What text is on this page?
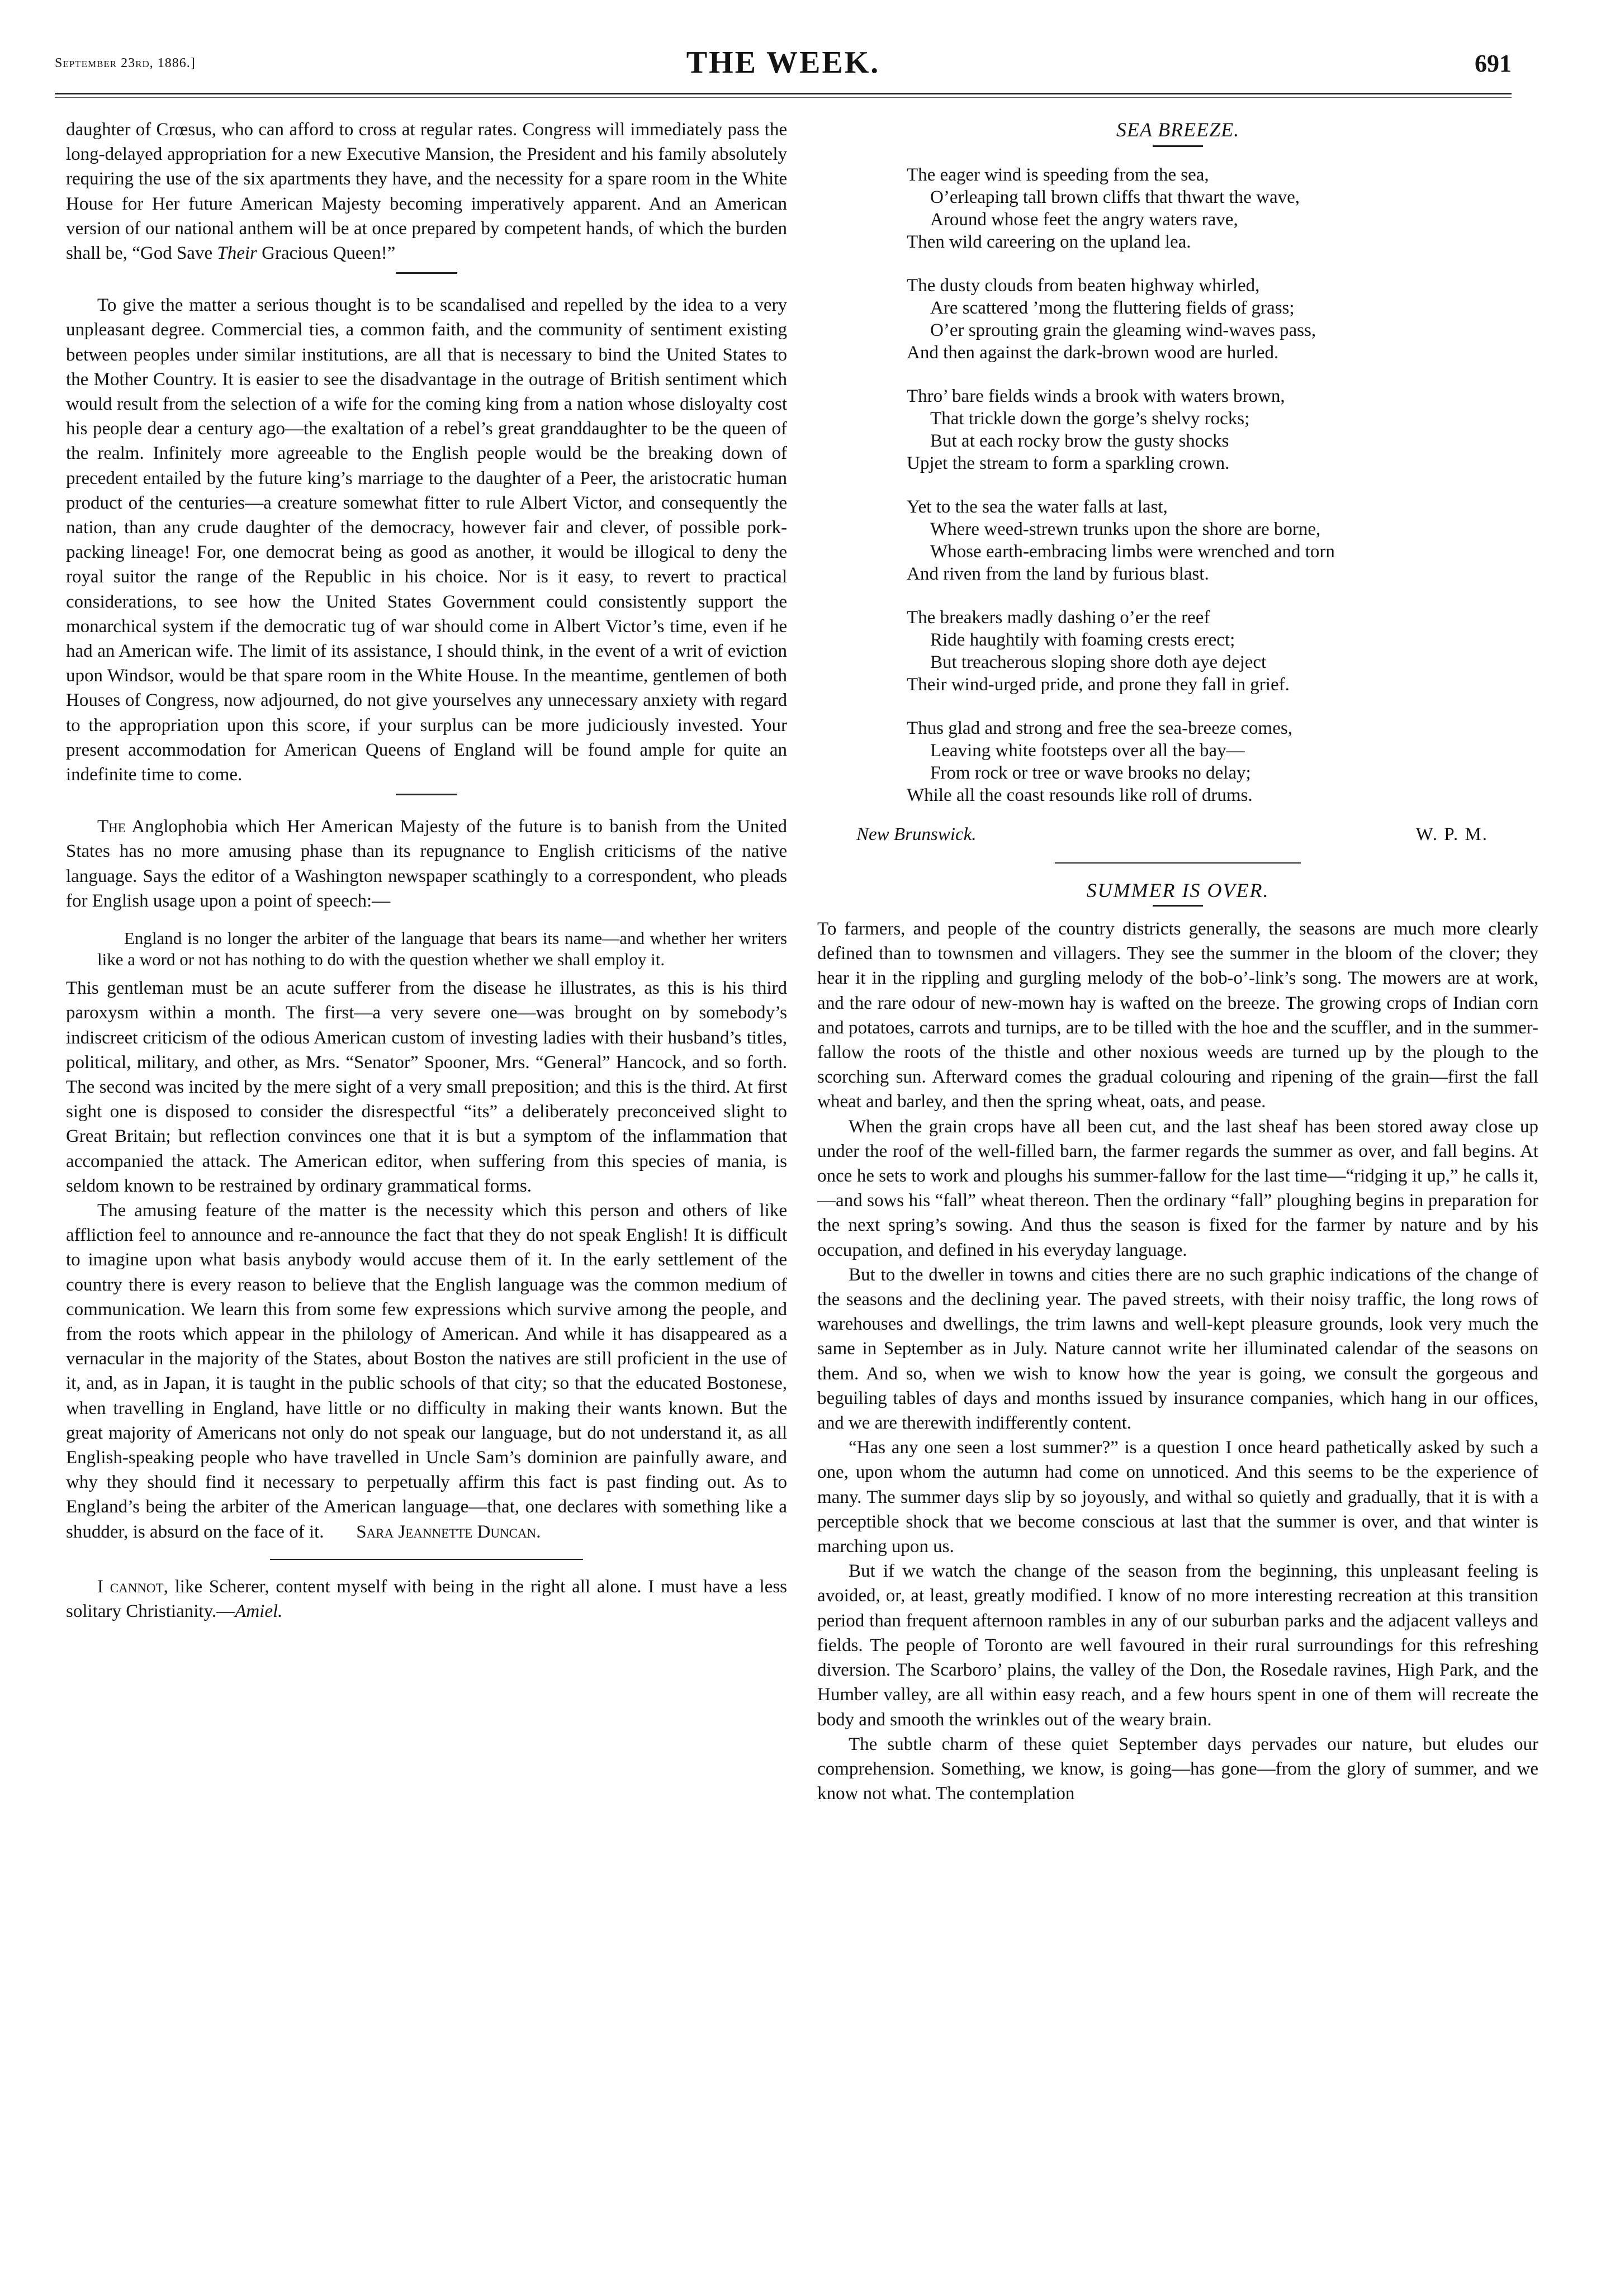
September 23rd, 1886.]	THE WEEK.	691

daughter of Crœsus, who can afford to cross at regular rates. Congress will immediately pass the long-delayed appropriation for a new Executive Mansion, the President and his family absolutely requiring the use of the six apartments they have, and the necessity for a spare room in the White House for Her future American Majesty becoming imperatively apparent. And an American version of our national anthem will be at once prepared by competent hands, of which the burden shall be, “God Save Their Gracious Queen!”

To give the matter a serious thought is to be scandalised and repelled by the idea to a very unpleasant degree. Commercial ties, a common faith, and the community of sentiment existing between peoples under similar institutions, are all that is necessary to bind the United States to the Mother Country. It is easier to see the disadvantage in the outrage of British sentiment which would result from the selection of a wife for the coming king from a nation whose disloyalty cost his people dear a century ago—the exaltation of a rebel’s great granddaughter to be the queen of the realm. Infinitely more agreeable to the English people would be the breaking down of precedent entailed by the future king’s marriage to the daughter of a Peer, the aristocratic human product of the centuries—a creature somewhat fitter to rule Albert Victor, and consequently the nation, than any crude daughter of the democracy, however fair and clever, of possible pork-packing lineage! For, one democrat being as good as another, it would be illogical to deny the royal suitor the range of the Republic in his choice. Nor is it easy, to revert to practical considerations, to see how the United States Government could consistently support the monarchical system if the democratic tug of war should come in Albert Victor’s time, even if he had an American wife. The limit of its assistance, I should think, in the event of a writ of eviction upon Windsor, would be that spare room in the White House. In the meantime, gentlemen of both Houses of Congress, now adjourned, do not give yourselves any unnecessary anxiety with regard to the appropriation upon this score, if your surplus can be more judiciously invested. Your present accommodation for American Queens of England will be found ample for quite an indefinite time to come.

The Anglophobia which Her American Majesty of the future is to banish from the United States has no more amusing phase than its repugnance to English criticisms of the native language. Says the editor of a Washington newspaper scathingly to a correspondent, who pleads for English usage upon a point of speech:—

England is no longer the arbiter of the language that bears its name—and whether her writers like a word or not has nothing to do with the question whether we shall employ it.

This gentleman must be an acute sufferer from the disease he illustrates, as this is his third paroxysm within a month. The first—a very severe one—was brought on by somebody’s indiscreet criticism of the odious American custom of investing ladies with their husband’s titles, political, military, and other, as Mrs. “Senator” Spooner, Mrs. “General” Hancock, and so forth. The second was incited by the mere sight of a very small preposition; and this is the third. At first sight one is disposed to consider the disrespectful “its” a deliberately preconceived slight to Great Britain; but reflection convinces one that it is but a symptom of the inflammation that accompanied the attack. The American editor, when suffering from this species of mania, is seldom known to be restrained by ordinary grammatical forms.

The amusing feature of the matter is the necessity which this person and others of like affliction feel to announce and re-announce the fact that they do not speak English! It is difficult to imagine upon what basis anybody would accuse them of it. In the early settlement of the country there is every reason to believe that the English language was the common medium of communication. We learn this from some few expressions which survive among the people, and from the roots which appear in the philology of American. And while it has disappeared as a vernacular in the majority of the States, about Boston the natives are still proficient in the use of it, and, as in Japan, it is taught in the public schools of that city; so that the educated Bostonese, when travelling in England, have little or no difficulty in making their wants known. But the great majority of Americans not only do not speak our language, but do not understand it, as all English-speaking people who have travelled in Uncle Sam’s dominion are painfully aware, and why they should find it necessary to perpetually affirm this fact is past finding out. As to England’s being the arbiter of the American language—that, one declares with something like a shudder, is absurd on the face of it. Sara Jeannette Duncan.

I cannot, like Scherer, content myself with being in the right all alone. I must have a less solitary Christianity.—Amiel.

SEA BREEZE.
The eager wind is speeding from the sea,
O’erleaping tall brown cliffs that thwart the wave,
Around whose feet the angry waters rave,
Then wild careering on the upland lea.
The dusty clouds from beaten highway whirled,
Are scattered ’mong the fluttering fields of grass;
O’er sprouting grain the gleaming wind-waves pass,
And then against the dark-brown wood are hurled.
Thro’ bare fields winds a brook with waters brown,
That trickle down the gorge’s shelvy rocks;
But at each rocky brow the gusty shocks
Upjet the stream to form a sparkling crown.
Yet to the sea the water falls at last,
Where weed-strewn trunks upon the shore are borne,
Whose earth-embracing limbs were wrenched and torn
And riven from the land by furious blast.
The breakers madly dashing o’er the reef
Ride haughtily with foaming crests erect;
But treacherous sloping shore doth aye deject
Their wind-urged pride, and prone they fall in grief.
Thus glad and strong and free the sea-breeze comes,
Leaving white footsteps over all the bay—
From rock or tree or wave brooks no delay;
While all the coast resounds like roll of drums.
New Brunswick.	W. P. M.
SUMMER IS OVER.

To farmers, and people of the country districts generally, the seasons are much more clearly defined than to townsmen and villagers. They see the summer in the bloom of the clover; they hear it in the rippling and gurgling melody of the bob-o’-link’s song. The mowers are at work, and the rare odour of new-mown hay is wafted on the breeze. The growing crops of Indian corn and potatoes, carrots and turnips, are to be tilled with the hoe and the scuffler, and in the summer-fallow the roots of the thistle and other noxious weeds are turned up by the plough to the scorching sun. Afterward comes the gradual colouring and ripening of the grain—first the fall wheat and barley, and then the spring wheat, oats, and pease.

When the grain crops have all been cut, and the last sheaf has been stored away close up under the roof of the well-filled barn, the farmer regards the summer as over, and fall begins. At once he sets to work and ploughs his summer-fallow for the last time—“ridging it up,” he calls it,—and sows his “fall” wheat thereon. Then the ordinary “fall” ploughing begins in preparation for the next spring’s sowing. And thus the season is fixed for the farmer by nature and by his occupation, and defined in his everyday language.

But to the dweller in towns and cities there are no such graphic indications of the change of the seasons and the declining year. The paved streets, with their noisy traffic, the long rows of warehouses and dwellings, the trim lawns and well-kept pleasure grounds, look very much the same in September as in July. Nature cannot write her illuminated calendar of the seasons on them. And so, when we wish to know how the year is going, we consult the gorgeous and beguiling tables of days and months issued by insurance companies, which hang in our offices, and we are therewith indifferently content.

“Has any one seen a lost summer?” is a question I once heard pathetically asked by such a one, upon whom the autumn had come on unnoticed. And this seems to be the experience of many. The summer days slip by so joyously, and withal so quietly and gradually, that it is with a perceptible shock that we become conscious at last that the summer is over, and that winter is marching upon us.

But if we watch the change of the season from the beginning, this unpleasant feeling is avoided, or, at least, greatly modified. I know of no more interesting recreation at this transition period than frequent afternoon rambles in any of our suburban parks and the adjacent valleys and fields. The people of Toronto are well favoured in their rural surroundings for this refreshing diversion. The Scarboro’ plains, the valley of the Don, the Rosedale ravines, High Park, and the Humber valley, are all within easy reach, and a few hours spent in one of them will recreate the body and smooth the wrinkles out of the weary brain.

The subtle charm of these quiet September days pervades our nature, but eludes our comprehension. Something, we know, is going—has gone—from the glory of summer, and we know not what. The contemplation
